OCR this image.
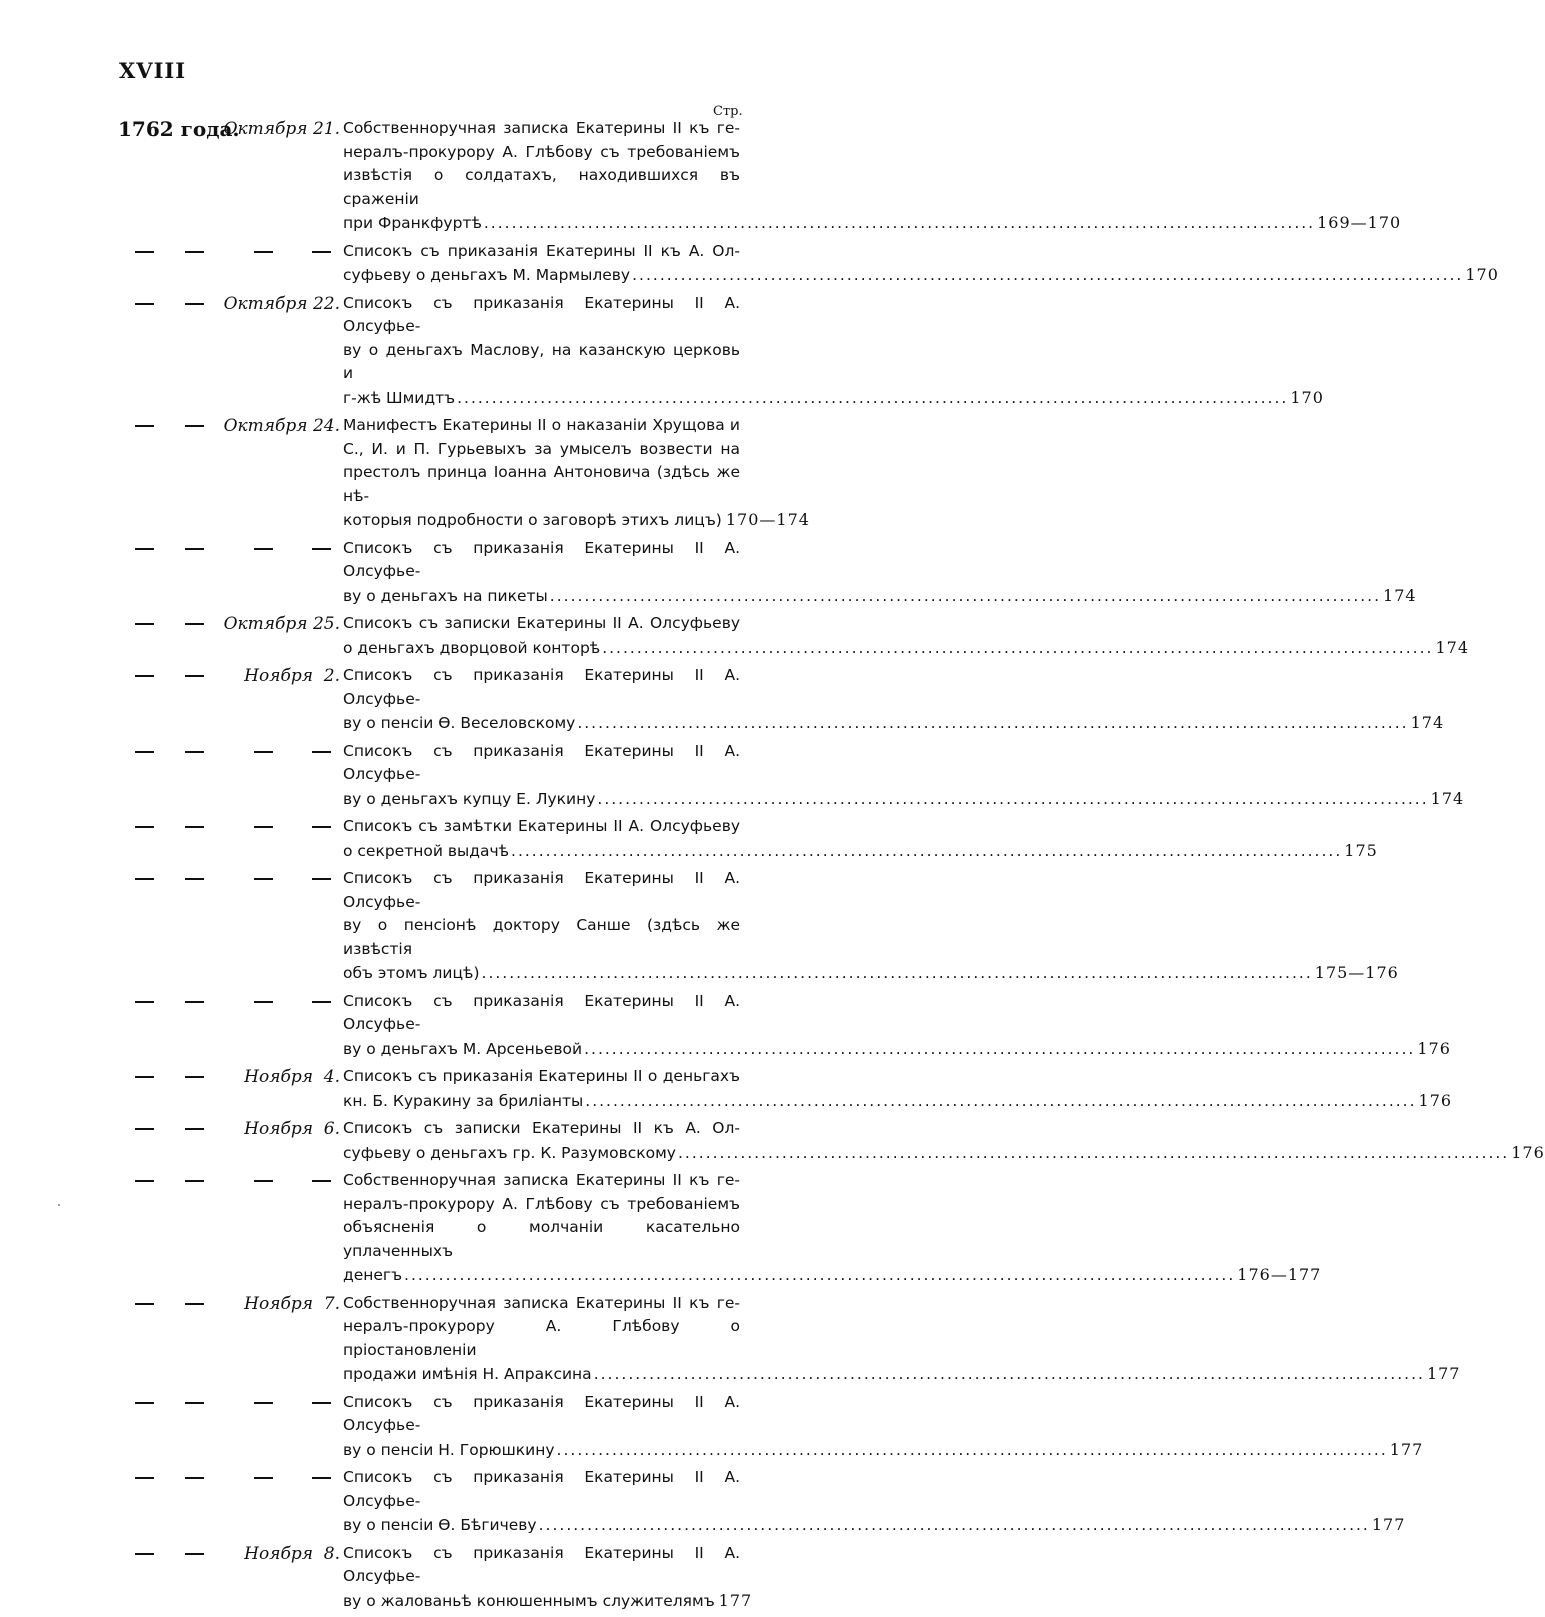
XVIII
Стр.
1762 года.
Октября 21. Собственноручная записка Екатерины II къ ге-
нералъ-прокурору А. Глѣбову съ требованіемъ
извѣстія о солдатахъ, находившихся въ сраженіи
при Франкфуртѣ ........................................................................................................................ 169—170
Списокъ съ приказанія Екатерины II къ А. Ол-
суфьеву о деньгахъ М. Мармылеву ........................................................................................................................ 170
Октября 22. Списокъ съ приказанія Екатерины II А. Олсуфье-
ву о деньгахъ Маслову, на казанскую церковь и
г-жѣ Шмидтъ ........................................................................................................................ 170
Октября 24. Манифестъ Екатерины II о наказаніи Хрущова и
С., И. и П. Гурьевыхъ за умыселъ возвести на
престолъ принца Іоанна Антоновича (здѣсь же нѣ-
которыя подробности о заговорѣ этихъ лицъ) 170—174
Списокъ съ приказанія Екатерины II А. Олсуфье-
ву о деньгахъ на пикеты ........................................................................................................................ 174
Октября 25. Списокъ съ записки Екатерины II А. Олсуфьеву
о деньгахъ дворцовой конторѣ ........................................................................................................................ 174
Ноября  2. Списокъ съ приказанія Екатерины II А. Олсуфье-
ву о пенсіи Ѳ. Веселовскому ........................................................................................................................ 174
Списокъ съ приказанія Екатерины II А. Олсуфье-
ву о деньгахъ купцу Е. Лукину ........................................................................................................................ 174
Списокъ съ замѣтки Екатерины II А. Олсуфьеву
о секретной выдачѣ ........................................................................................................................ 175
Списокъ съ приказанія Екатерины II А. Олсуфье-
ву о пенсіонѣ доктору Санше (здѣсь же извѣстія
объ этомъ лицѣ) ........................................................................................................................ 175—176
Списокъ съ приказанія Екатерины II А. Олсуфье-
ву о деньгахъ М. Арсеньевой ........................................................................................................................ 176
Ноября  4. Списокъ съ приказанія Екатерины II о деньгахъ
кн. Б. Куракину за бриліанты ........................................................................................................................ 176
Ноября  6. Списокъ съ записки Екатерины II къ А. Ол-
суфьеву о деньгахъ гр. К. Разумовскому ........................................................................................................................ 176
Собственноручная записка Екатерины II къ ге-
нералъ-прокурору А. Глѣбову съ требованіемъ
объясненія о молчаніи касательно уплаченныхъ
денегъ ........................................................................................................................ 176—177
Ноября  7. Собственноручная записка Екатерины II къ ге-
нералъ-прокурору А. Глѣбову о пріостановленіи
продажи имѣнія Н. Апраксина ........................................................................................................................ 177
Списокъ съ приказанія Екатерины II А. Олсуфье-
ву о пенсіи Н. Горюшкину ........................................................................................................................ 177
Списокъ съ приказанія Екатерины II А. Олсуфье-
ву о пенсіи Ѳ. Бѣгичеву ........................................................................................................................ 177
Ноября  8. Списокъ съ приказанія Екатерины II А. Олсуфье-
ву о жалованьѣ конюшеннымъ служителямъ 177
